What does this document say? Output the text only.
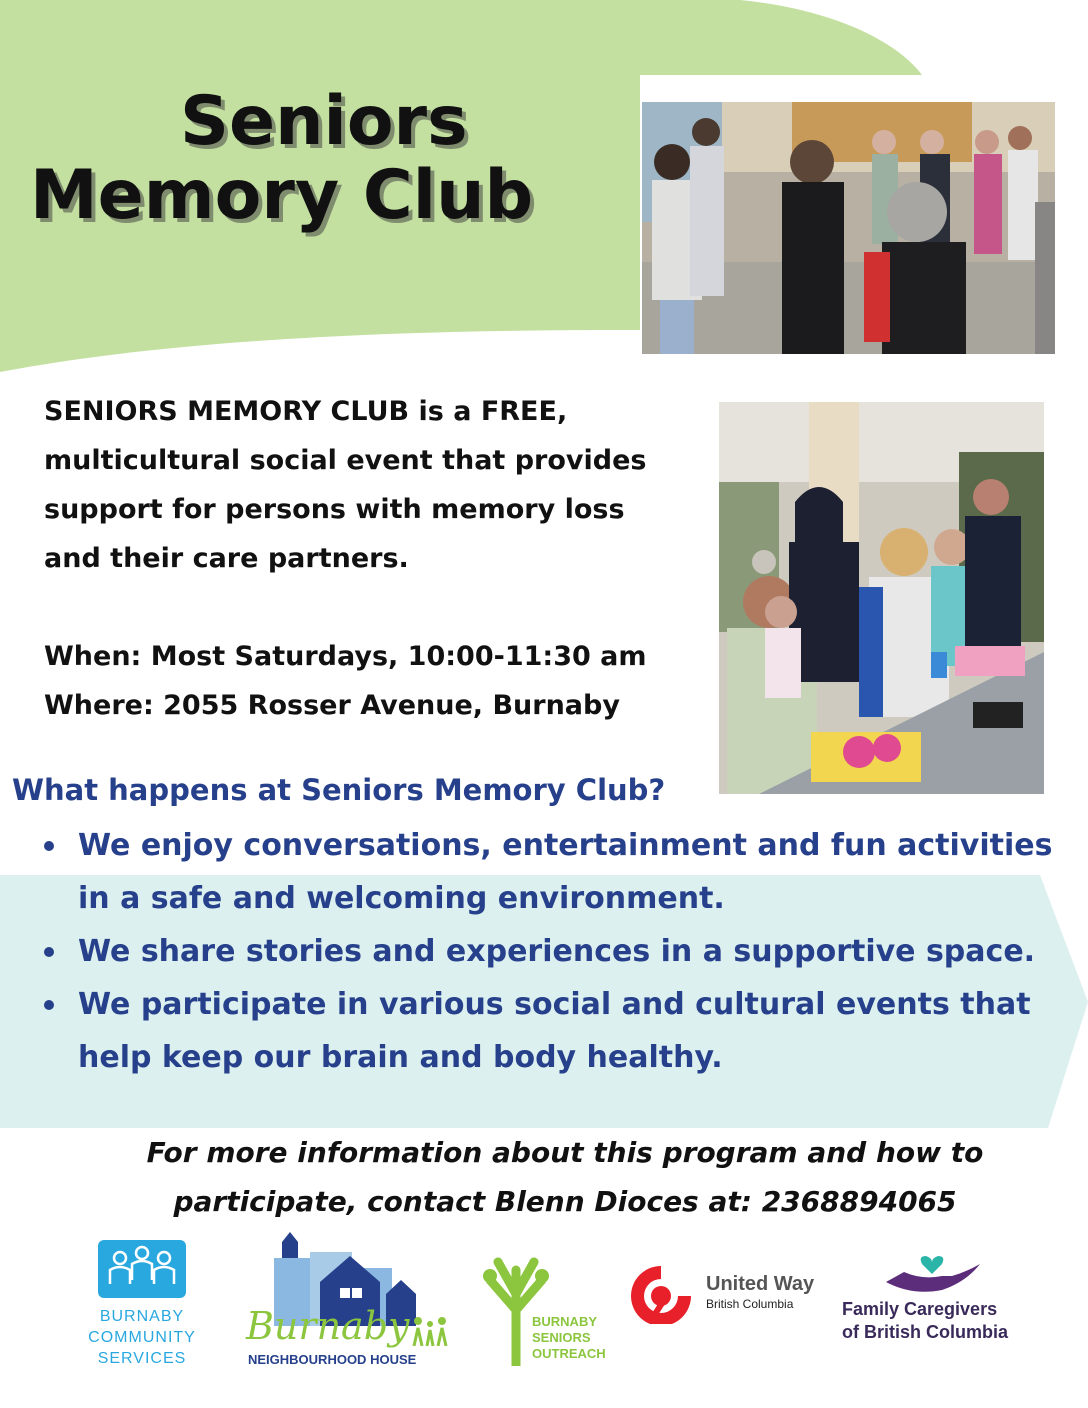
Seniors
Memory Club

SENIORS MEMORY CLUB is a FREE,

multicultural social event that provides

support for persons with memory loss

and their care partners.

When: Most Saturdays, 10:00-11:30 am

Where: 2055 Rosser Avenue, Burnaby

What happens at Seniors Memory Club?
We enjoy conversations, entertainment and fun activities
in a safe and welcoming environment.
We share stories and experiences in a supportive space.
We participate in various social and cultural events that
help keep our brain and body healthy.
For more information about this program and how to
participate, contact Blenn Dioces at: 2368894065
BURNABY
COMMUNITY
SERVICES
Burnaby
NEIGHBOURHOOD HOUSE
BURNABY
SENIORS
OUTREACH
United Way
British Columbia	Family Caregivers
of British Columbia
